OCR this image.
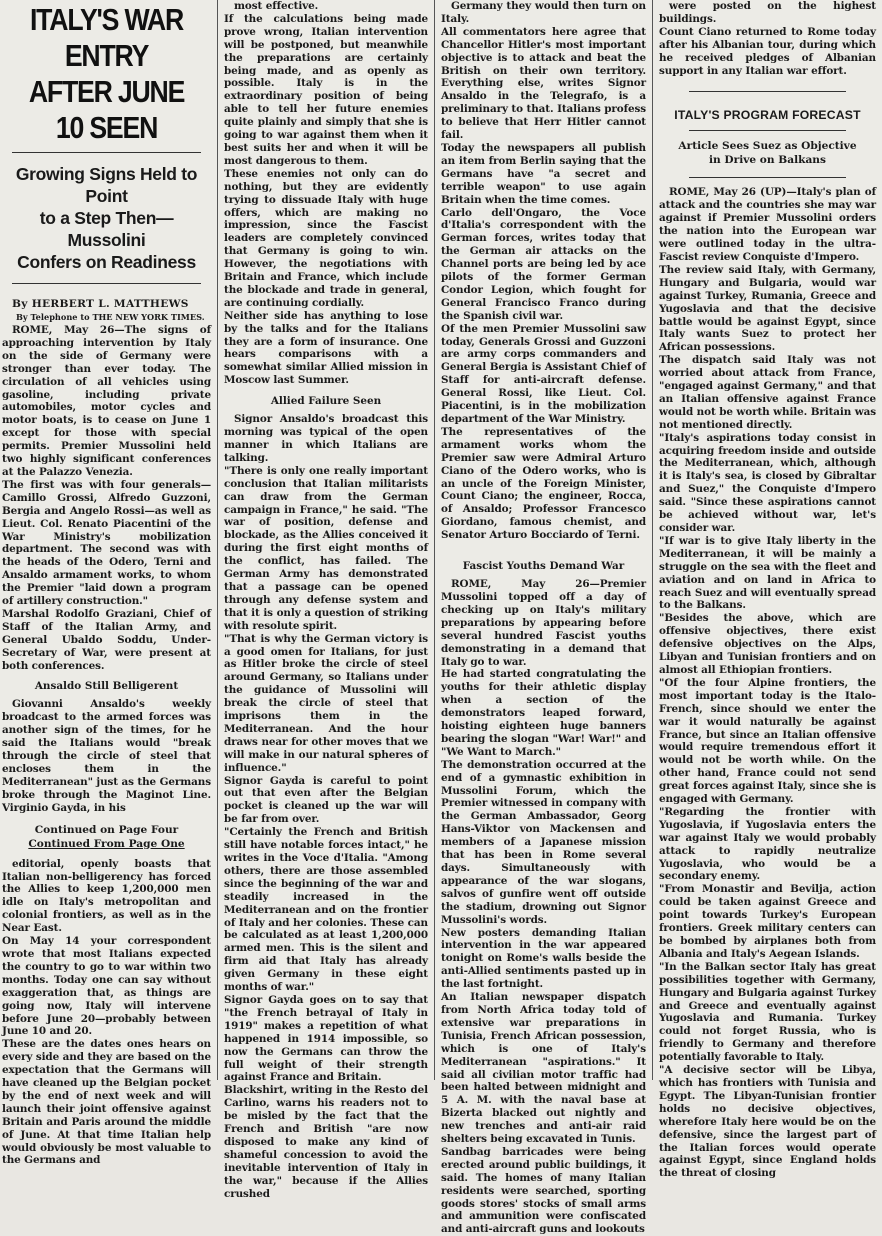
ITALY'S WAR ENTRY
AFTER JUNE 10 SEEN
Growing Signs Held to Point
to a Step Then—Mussolini
Confers on Readiness
By HERBERT L. MATTHEWS
By Telephone to THE NEW YORK TIMES.

ROME, May 26—The signs of approaching intervention by Italy on the side of Germany were stronger than ever today. The circulation of all vehicles using gasoline, including private automobiles, motor cycles and motor boats, is to cease on June 1 except for those with special permits. Premier Mussolini held two highly significant conferences at the Palazzo Venezia.
The first was with four generals—Camillo Grossi, Alfredo Guzzoni, Bergia and Angelo Rossi—as well as Lieut. Col. Renato Piacentini of the War Ministry's mobilization department. The second was with the heads of the Odero, Terni and Ansaldo armament works, to whom the Premier "laid down a program of artillery construction."
Marshal Rodolfo Graziani, Chief of Staff of the Italian Army, and General Ubaldo Soddu, Under-Secretary of War, were present at both conferences.

Ansaldo Still Belligerent

Giovanni Ansaldo's weekly broadcast to the armed forces was another sign of the times, for he said the Italians would "break through the circle of steel that encloses them in the Mediterranean" just as the Germans broke through the Maginot Line. Virginio Gayda, in his

Continued on Page Four
Continued From Page One

editorial, openly boasts that Italian non-belligerency has forced the Allies to keep 1,200,000 men idle on Italy's metropolitan and colonial frontiers, as well as in the Near East.
On May 14 your correspondent wrote that most Italians expected the country to go to war within two months. Today one can say without exaggeration that, as things are going now, Italy will intervene before June 20—probably between June 10 and 20.
These are the dates ones hears on every side and they are based on the expectation that the Germans will have cleaned up the Belgian pocket by the end of next week and will launch their joint offensive against Britain and Paris around the middle of June. At that time Italian help would obviously be most valuable to the Germans and

most effective.
If the calculations being made prove wrong, Italian intervention will be postponed, but meanwhile the preparations are certainly being made, and as openly as possible. Italy is in the extraordinary position of being able to tell her future enemies quite plainly and simply that she is going to war against them when it best suits her and when it will be most dangerous to them.
These enemies not only can do nothing, but they are evidently trying to dissuade Italy with huge offers, which are making no impression, since the Fascist leaders are completely convinced that Germany is going to win. However, the negotiations with Britain and France, which include the blockade and trade in general, are continuing cordially.
Neither side has anything to lose by the talks and for the Italians they are a form of insurance. One hears comparisons with a somewhat similar Allied mission in Moscow last Summer.

Allied Failure Seen

Signor Ansaldo's broadcast this morning was typical of the open manner in which Italians are talking.
"There is only one really important conclusion that Italian militarists can draw from the German campaign in France," he said. "The war of position, defense and blockade, as the Allies conceived it during the first eight months of the conflict, has failed. The German Army has demonstrated that a passage can be opened through any defense system and that it is only a question of striking with resolute spirit.
"That is why the German victory is a good omen for Italians, for just as Hitler broke the circle of steel around Germany, so Italians under the guidance of Mussolini will break the circle of steel that imprisons them in the Mediterranean. And the hour draws near for other moves that we will make in our natural spheres of influence."
Signor Gayda is careful to point out that even after the Belgian pocket is cleaned up the war will be far from over.
"Certainly the French and British still have notable forces intact," he writes in the Voce d'Italia. "Among others, there are those assembled since the beginning of the war and steadily increased in the Mediterranean and on the frontier of Italy and her colonies. These can be calculated as at least 1,200,000 armed men. This is the silent and firm aid that Italy has already given Germany in these eight months of war."
Signor Gayda goes on to say that "the French betrayal of Italy in 1919" makes a repetition of what happened in 1914 impossible, so now the Germans can throw the full weight of their strength against France and Britain.
Blackshirt, writing in the Resto del Carlino, warns his readers not to be misled by the fact that the French and British "are now disposed to make any kind of shameful concession to avoid the inevitable intervention of Italy in the war," because if the Allies crushed

Germany they would then turn on Italy.
All commentators here agree that Chancellor Hitler's most important objective is to attack and beat the British on their own territory. Everything else, writes Signor Ansaldo in the Telegrafo, is a preliminary to that. Italians profess to believe that Herr Hitler cannot fail.
Today the newspapers all publish an item from Berlin saying that the Germans have "a secret and terrible weapon" to use again Britain when the time comes.
Carlo dell'Ongaro, the Voce d'Italia's correspondent with the German forces, writes today that the German air attacks on the Channel ports are being led by ace pilots of the former German Condor Legion, which fought for General Francisco Franco during the Spanish civil war.
Of the men Premier Mussolini saw today, Generals Grossi and Guzzoni are army corps commanders and General Bergia is Assistant Chief of Staff for anti-aircraft defense. General Rossi, like Lieut. Col. Piacentini, is in the mobilization department of the War Ministry.
The representatives of the armament works whom the Premier saw were Admiral Arturo Ciano of the Odero works, who is an uncle of the Foreign Minister, Count Ciano; the engineer, Rocca, of Ansaldo; Professor Francesco Giordano, famous chemist, and Senator Arturo Bocciardo of Terni.

Fascist Youths Demand War

ROME, May 26—Premier Mussolini topped off a day of checking up on Italy's military preparations by appearing before several hundred Fascist youths demonstrating in a demand that Italy go to war.
He had started congratulating the youths for their athletic display when a section of the demonstrators leaped forward, hoisting eighteen huge banners bearing the slogan "War! War!" and "We Want to March."
The demonstration occurred at the end of a gymnastic exhibition in Mussolini Forum, which the Premier witnessed in company with the German Ambassador, Georg Hans-Viktor von Mackensen and members of a Japanese mission that has been in Rome several days. Simultaneously with appearance of the war slogans, salvos of gunfire went off outside the stadium, drowning out Signor Mussolini's words.
New posters demanding Italian intervention in the war appeared tonight on Rome's walls beside the anti-Allied sentiments pasted up in the last fortnight.
An Italian newspaper dispatch from North Africa today told of extensive war preparations in Tunisia, French African possession, which is one of Italy's Mediterranean "aspirations." It said all civilian motor traffic had been halted between midnight and 5 A. M. with the naval base at Bizerta blacked out nightly and new trenches and anti-air raid shelters being excavated in Tunis.
Sandbag barricades were being erected around public buildings, it said. The homes of many Italian residents were searched, sporting goods stores' stocks of small arms and ammunition were confiscated and anti-aircraft guns and lookouts

were posted on the highest buildings.
Count Ciano returned to Rome today after his Albanian tour, during which he received pledges of Albanian support in any Italian war effort.

ITALY'S PROGRAM FORECAST
Article Sees Suez as Objective
in Drive on Balkans

ROME, May 26 (UP)—Italy's plan of attack and the countries she may war against if Premier Mussolini orders the nation into the European war were outlined today in the ultra-Fascist review Conquiste d'Impero.
The review said Italy, with Germany, Hungary and Bulgaria, would war against Turkey, Rumania, Greece and Yugoslavia and that the decisive battle would be against Egypt, since Italy wants Suez to protect her African possessions.
The dispatch said Italy was not worried about attack from France, "engaged against Germany," and that an Italian offensive against France would not be worth while. Britain was not mentioned directly.
"Italy's aspirations today consist in acquiring freedom inside and outside the Mediterranean, which, although it is Italy's sea, is closed by Gibraltar and Suez," the Conquiste d'Impero said. "Since these aspirations cannot be achieved without war, let's consider war.
"If war is to give Italy liberty in the Mediterranean, it will be mainly a struggle on the sea with the fleet and aviation and on land in Africa to reach Suez and will eventually spread to the Balkans.
"Besides the above, which are offensive objectives, there exist defensive objectives on the Alps, Libyan and Tunisian frontiers and on almost all Ethiopian frontiers.
"Of the four Alpine frontiers, the most important today is the Italo-French, since should we enter the war it would naturally be against France, but since an Italian offensive would require tremendous effort it would not be worth while. On the other hand, France could not send great forces against Italy, since she is engaged with Germany.
"Regarding the frontier with Yugoslavia, if Yugoslavia enters the war against Italy we would probably attack to rapidly neutralize Yugoslavia, who would be a secondary enemy.
"From Monastir and Bevilja, action could be taken against Greece and point towards Turkey's European frontiers. Greek military centers can be bombed by airplanes both from Albania and Italy's Aegean Islands.
"In the Balkan sector Italy has great possibilities together with Germany, Hungary and Bulgaria against Turkey and Greece and eventually against Yugoslavia and Rumania. Turkey could not forget Russia, who is friendly to Germany and therefore potentially favorable to Italy.
"A decisive sector will be Libya, which has frontiers with Tunisia and Egypt. The Libyan-Tunisian frontier holds no decisive objectives, wherefore Italy here would be on the defensive, since the largest part of the Italian forces would operate against Egypt, since England holds the threat of closing
